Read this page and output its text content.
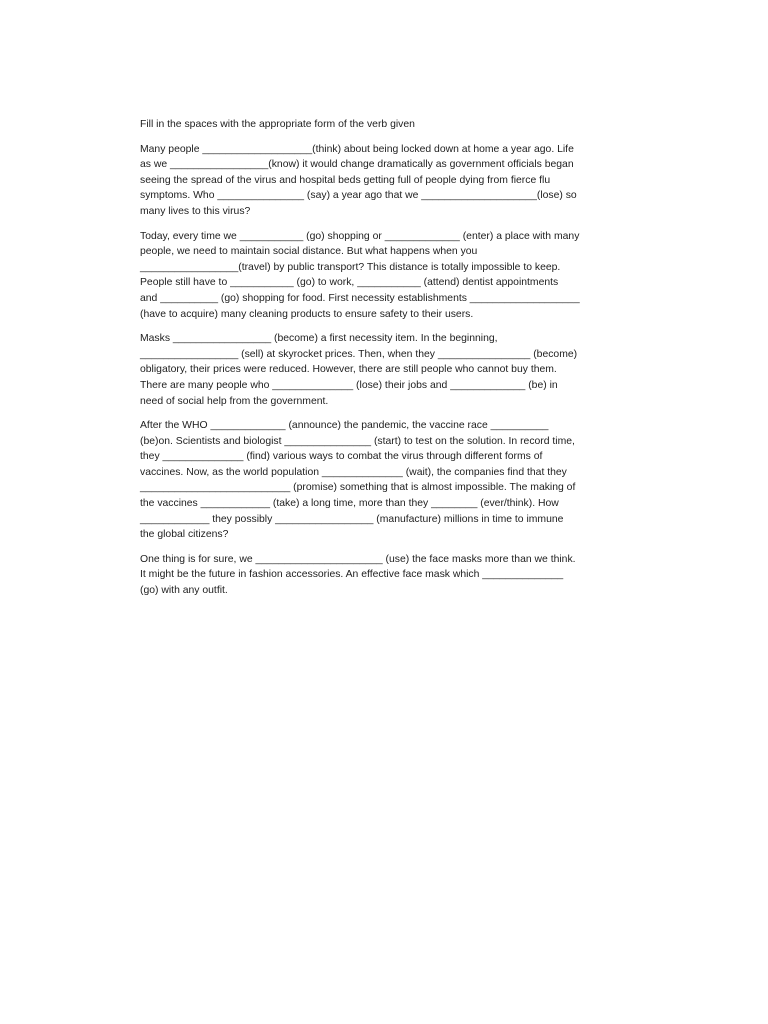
Fill in the spaces with the appropriate form of the verb given
Many people ___________________(think) about being locked down at home a year ago. Life
as we _________________(know) it would change dramatically as government officials began
seeing the spread of the virus and hospital beds getting full of people dying from fierce flu
symptoms. Who _______________ (say) a year ago that we ____________________(lose) so
many lives to this virus?
Today, every time we ___________ (go) shopping or _____________ (enter) a place with many
people, we need to maintain social distance. But what happens when you
_________________(travel) by public transport? This distance is totally impossible to keep.
People still have to ___________ (go) to work, ___________ (attend) dentist appointments
and __________ (go) shopping for food. First necessity establishments ___________________
(have to acquire) many cleaning products to ensure safety to their users.
Masks _________________ (become) a first necessity item. In the beginning,
_________________ (sell) at skyrocket prices. Then, when they ________________ (become)
obligatory, their prices were reduced. However, there are still people who cannot buy them.
There are many people who ______________ (lose) their jobs and _____________ (be) in
need of social help from the government.
After the WHO _____________ (announce) the pandemic, the vaccine race __________
(be)on. Scientists and biologist _______________ (start) to test on the solution. In record time,
they ______________ (find) various ways to combat the virus through different forms of
vaccines. Now, as the world population ______________ (wait), the companies find that they
__________________________ (promise) something that is almost impossible. The making of
the vaccines ____________ (take) a long time, more than they ________ (ever/think). How
____________ they possibly _________________ (manufacture) millions in time to immune
the global citizens?
One thing is for sure, we ______________________ (use) the face masks more than we think.
It might be the future in fashion accessories. An effective face mask which ______________
(go) with any outfit.
